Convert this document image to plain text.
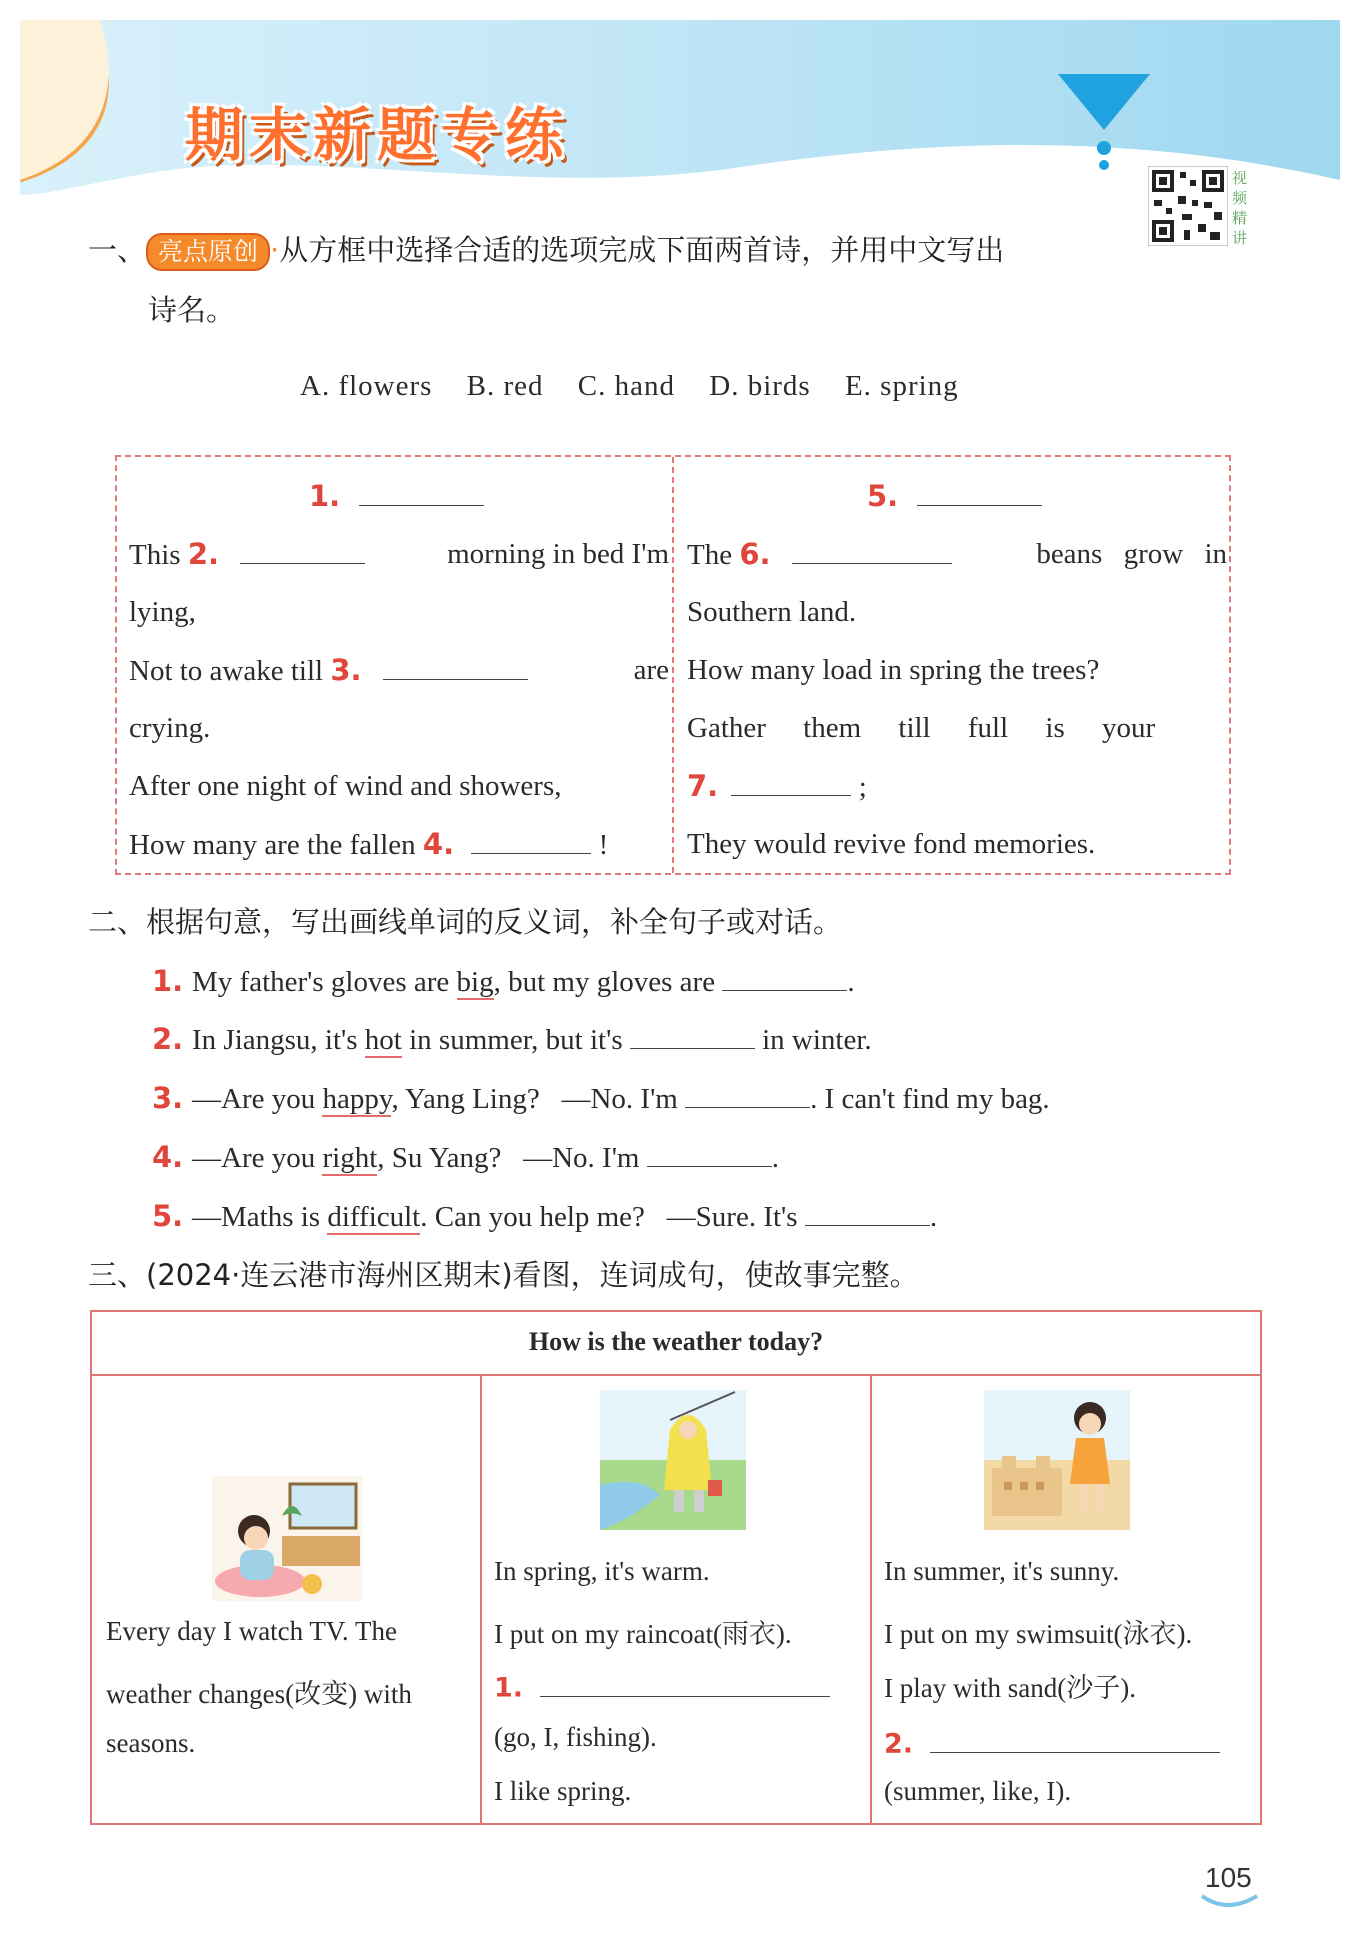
期末新题专练
视频精讲
一、 亮点原创 ·从方框中选择合适的选项完成下面两首诗，并用中文写出
诗名。
A. flowers B. red C. hand D. birds E. spring
1.
This 2.	morning in bed I'm
lying,
Not to awake till 3.	are
crying.
After one night of wind and showers,
How many are the fallen 4.	!
5.
The 6.	beans grow in
Southern land.
How many load in spring the trees?
Gather them till full is your
7.	;
They would revive fond memories.
二、根据句意，写出画线单词的反义词，补全句子或对话。
1. My father's gloves are big, but my gloves are	.
2. In Jiangsu, it's hot in summer, but it's	in winter.
3. —Are you happy, Yang Ling?   —No. I'm	. I can't find my bag.
4. —Are you right, Su Yang?   —No. I'm	.
5. —Maths is difficult. Can you help me?   —Sure. It's	.
三、(2024·连云港市海州区期末)看图，连词成句，使故事完整。
How is the weather today?
Every day I watch TV. The
weather changes(改变) with
seasons.
In spring, it's warm.
I put on my raincoat(雨衣).
1.
(go, I, fishing).
I like spring.
In summer, it's sunny.
I put on my swimsuit(泳衣).
I play with sand(沙子).
2.
(summer, like, I).
105
